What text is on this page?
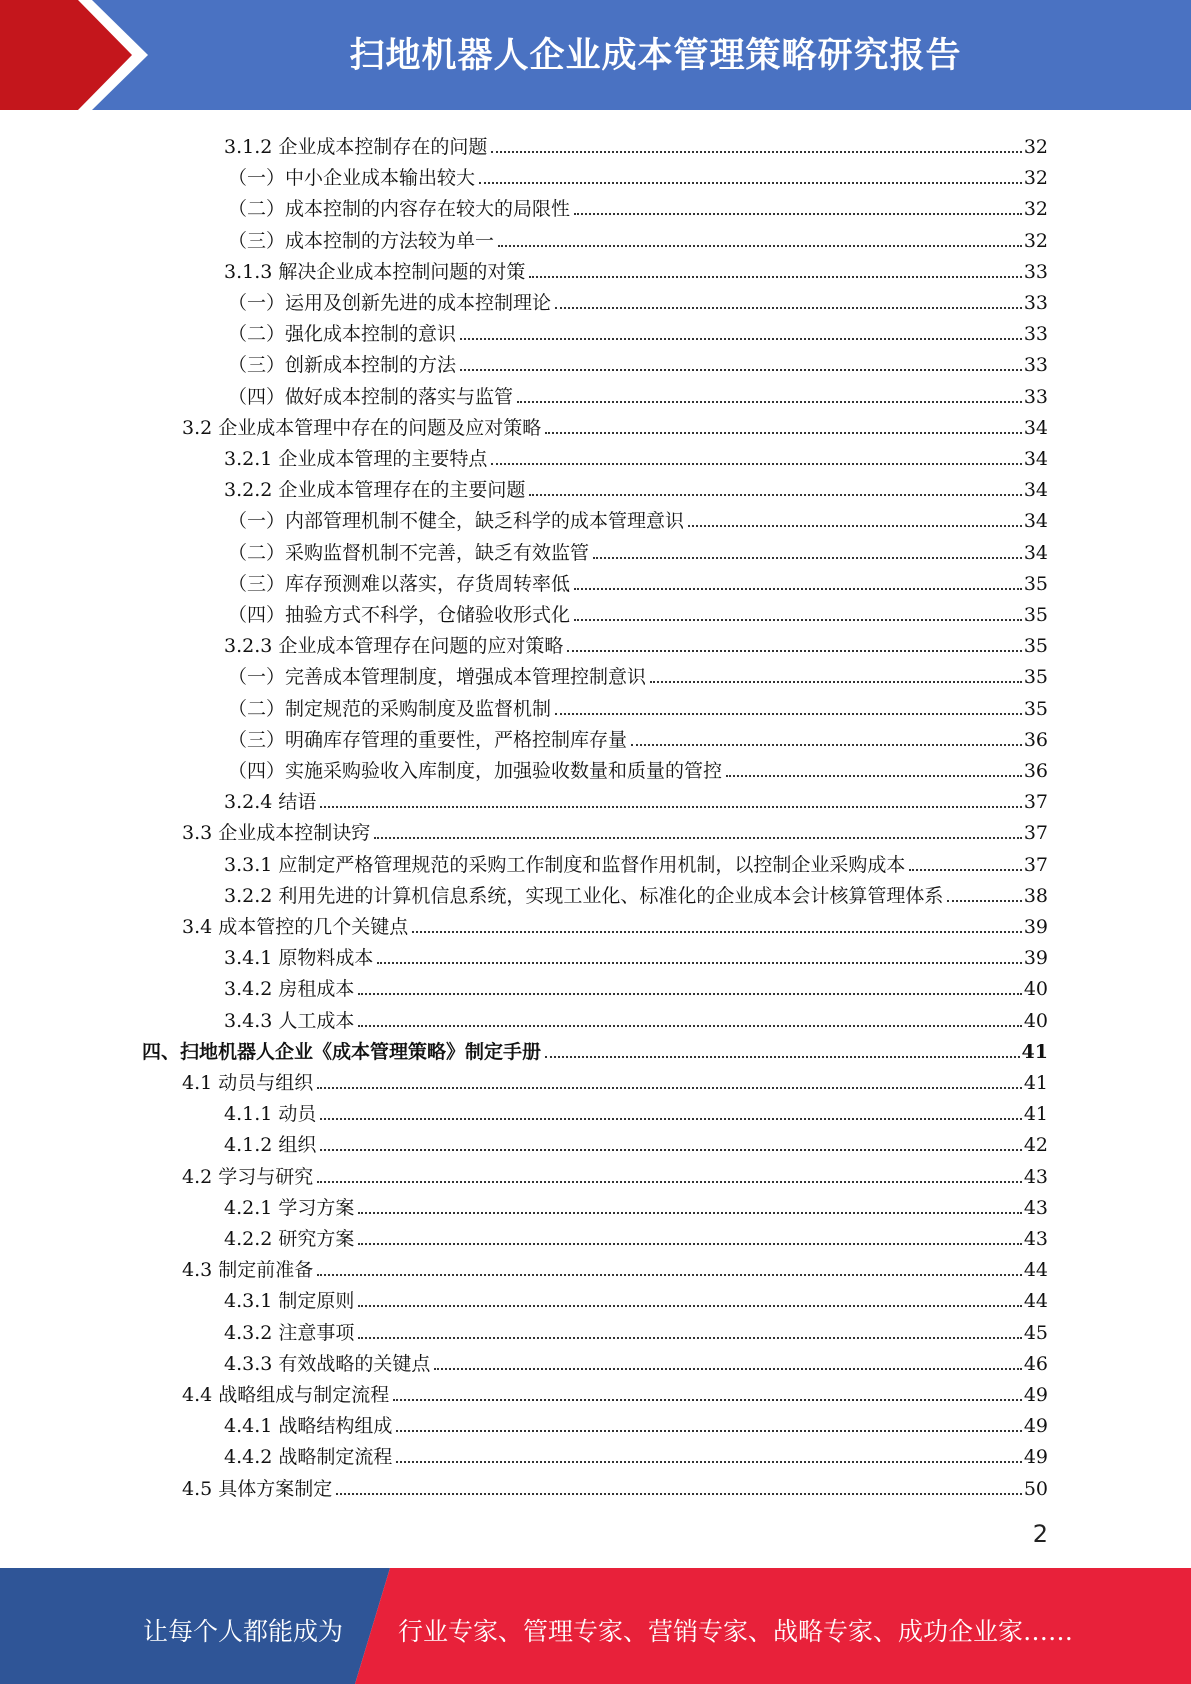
扫地机器人企业成本管理策略研究报告
3.1.2 企业成本控制存在的问题	32
（一）中小企业成本输出较大	32
（二）成本控制的内容存在较大的局限性	32
（三）成本控制的方法较为单一	32
3.1.3 解决企业成本控制问题的对策	33
（一）运用及创新先进的成本控制理论	33
（二）强化成本控制的意识	33
（三）创新成本控制的方法	33
（四）做好成本控制的落实与监管	33
3.2 企业成本管理中存在的问题及应对策略	34
3.2.1 企业成本管理的主要特点	34
3.2.2 企业成本管理存在的主要问题	34
（一）内部管理机制不健全，缺乏科学的成本管理意识	34
（二）采购监督机制不完善，缺乏有效监管	34
（三）库存预测难以落实，存货周转率低	35
（四）抽验方式不科学，仓储验收形式化	35
3.2.3 企业成本管理存在问题的应对策略	35
（一）完善成本管理制度，增强成本管理控制意识	35
（二）制定规范的采购制度及监督机制	35
（三）明确库存管理的重要性，严格控制库存量	36
（四）实施采购验收入库制度，加强验收数量和质量的管控	36
3.2.4 结语	37
3.3 企业成本控制诀窍	37
3.3.1 应制定严格管理规范的采购工作制度和监督作用机制，以控制企业采购成本	37
3.2.2 利用先进的计算机信息系统，实现工业化、标准化的企业成本会计核算管理体系	38
3.4 成本管控的几个关键点	39
3.4.1 原物料成本	39
3.4.2 房租成本	40
3.4.3 人工成本	40
四、扫地机器人企业《成本管理策略》制定手册	41
4.1 动员与组织	41
4.1.1 动员	41
4.1.2 组织	42
4.2 学习与研究	43
4.2.1 学习方案	43
4.2.2 研究方案	43
4.3 制定前准备	44
4.3.1 制定原则	44
4.3.2 注意事项	45
4.3.3 有效战略的关键点	46
4.4 战略组成与制定流程	49
4.4.1 战略结构组成	49
4.4.2 战略制定流程	49
4.5 具体方案制定	50
2
让每个人都能成为 行业专家、管理专家、营销专家、战略专家、成功企业家……
